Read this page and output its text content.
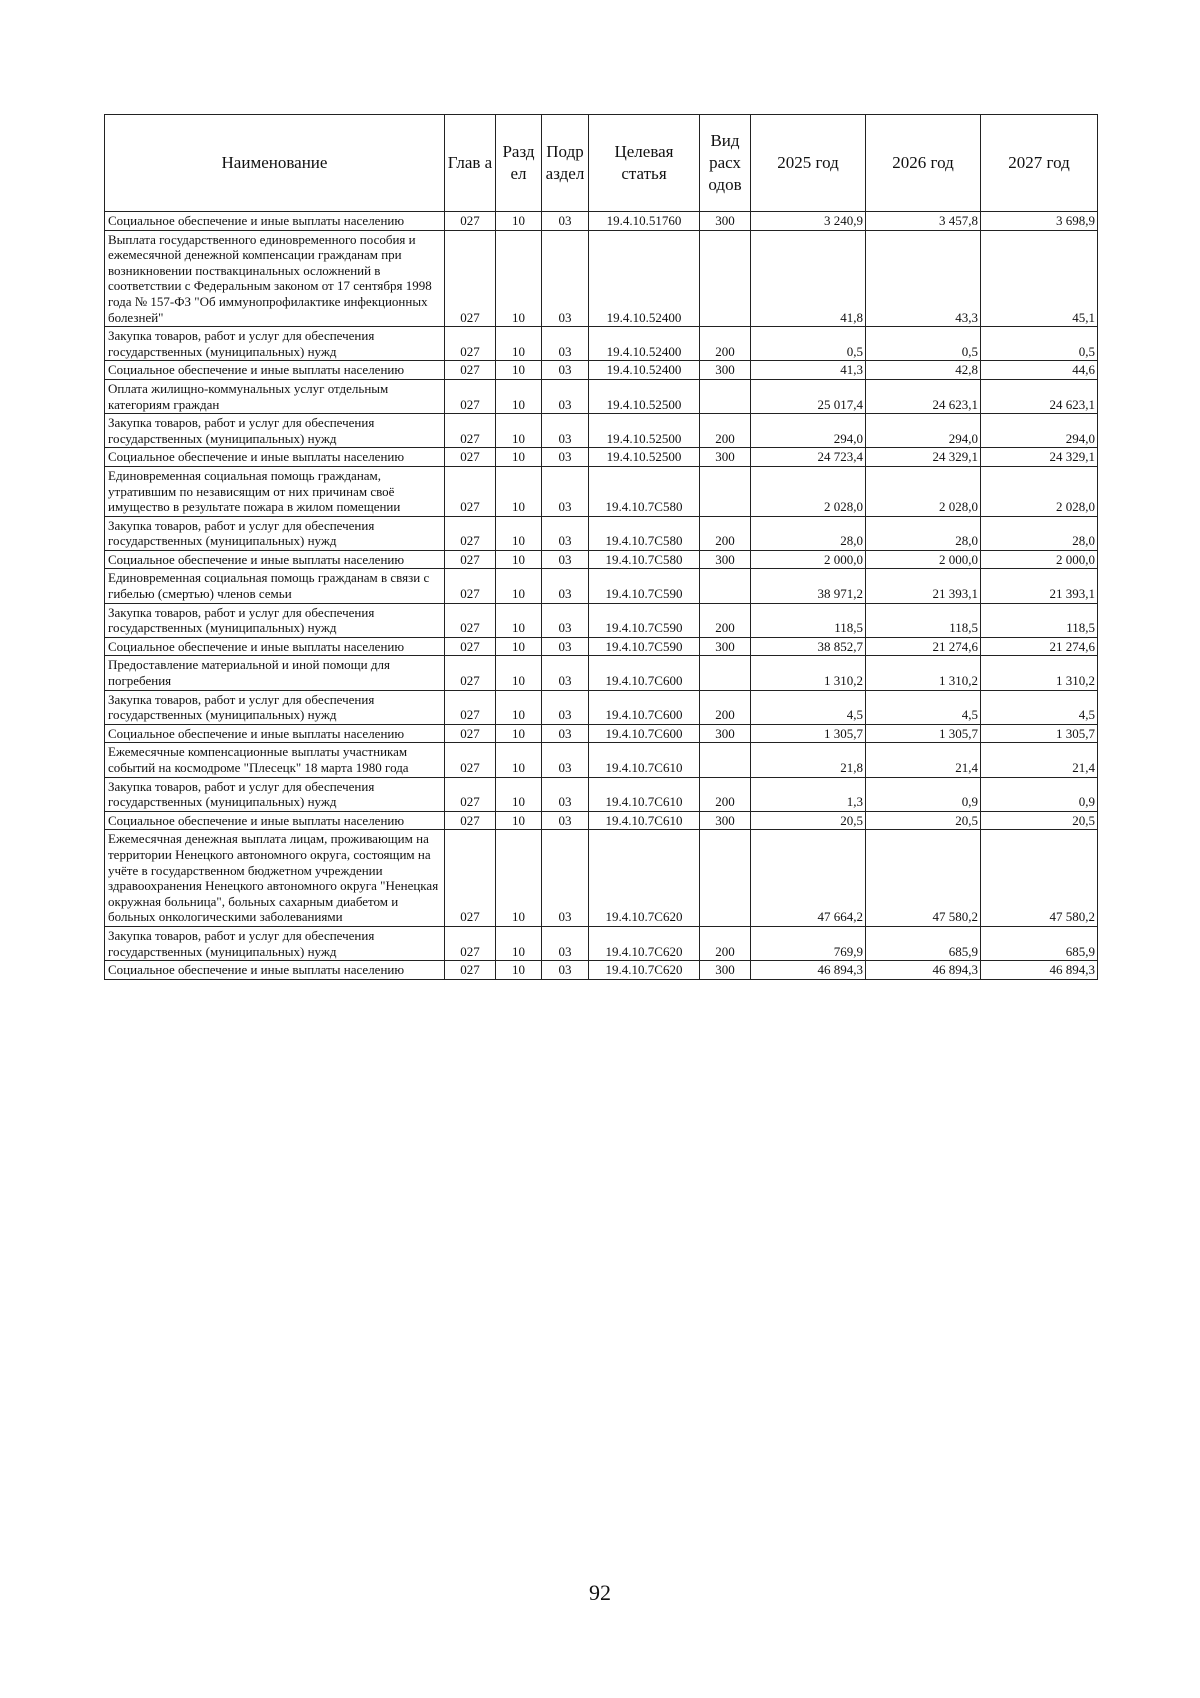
Наименование	Глав а	Разд ел	Подр аздел	Целевая статья	Вид расх одов	2025 год	2026 год	2027 год
Социальное обеспечение и иные выплаты населению	027	10	03	19.4.10.51760	300	3 240,9	3 457,8	3 698,9
Выплата государственного единовременного пособия и ежемесячной денежной компенсации гражданам при возникновении поствакцинальных осложнений в соответствии с Федеральным законом от 17 сентября 1998 года № 157-ФЗ "Об иммунопрофилактике инфекционных болезней"	027	10	03	19.4.10.52400		41,8	43,3	45,1
Закупка товаров, работ и услуг для обеспечения государственных (муниципальных) нужд	027	10	03	19.4.10.52400	200	0,5	0,5	0,5
Социальное обеспечение и иные выплаты населению	027	10	03	19.4.10.52400	300	41,3	42,8	44,6
Оплата жилищно-коммунальных услуг отдельным категориям граждан	027	10	03	19.4.10.52500		25 017,4	24 623,1	24 623,1
Закупка товаров, работ и услуг для обеспечения государственных (муниципальных) нужд	027	10	03	19.4.10.52500	200	294,0	294,0	294,0
Социальное обеспечение и иные выплаты населению	027	10	03	19.4.10.52500	300	24 723,4	24 329,1	24 329,1
Единовременная социальная помощь гражданам, утратившим по независящим от них причинам своё имущество в результате пожара в жилом помещении	027	10	03	19.4.10.7С580		2 028,0	2 028,0	2 028,0
Закупка товаров, работ и услуг для обеспечения государственных (муниципальных) нужд	027	10	03	19.4.10.7С580	200	28,0	28,0	28,0
Социальное обеспечение и иные выплаты населению	027	10	03	19.4.10.7С580	300	2 000,0	2 000,0	2 000,0
Единовременная социальная помощь гражданам в связи с гибелью (смертью) членов семьи	027	10	03	19.4.10.7С590		38 971,2	21 393,1	21 393,1
Закупка товаров, работ и услуг для обеспечения государственных (муниципальных) нужд	027	10	03	19.4.10.7С590	200	118,5	118,5	118,5
Социальное обеспечение и иные выплаты населению	027	10	03	19.4.10.7С590	300	38 852,7	21 274,6	21 274,6
Предоставление материальной и иной помощи для погребения	027	10	03	19.4.10.7С600		1 310,2	1 310,2	1 310,2
Закупка товаров, работ и услуг для обеспечения государственных (муниципальных) нужд	027	10	03	19.4.10.7С600	200	4,5	4,5	4,5
Социальное обеспечение и иные выплаты населению	027	10	03	19.4.10.7С600	300	1 305,7	1 305,7	1 305,7
Ежемесячные компенсационные выплаты участникам событий на космодроме "Плесецк" 18 марта 1980 года	027	10	03	19.4.10.7С610		21,8	21,4	21,4
Закупка товаров, работ и услуг для обеспечения государственных (муниципальных) нужд	027	10	03	19.4.10.7С610	200	1,3	0,9	0,9
Социальное обеспечение и иные выплаты населению	027	10	03	19.4.10.7С610	300	20,5	20,5	20,5
Ежемесячная денежная выплата лицам, проживающим на территории Ненецкого автономного округа, состоящим на учёте в государственном бюджетном учреждении здравоохранения Ненецкого автономного округа "Ненецкая окружная больница", больных сахарным диабетом и больных онкологическими заболеваниями	027	10	03	19.4.10.7С620		47 664,2	47 580,2	47 580,2
Закупка товаров, работ и услуг для обеспечения государственных (муниципальных) нужд	027	10	03	19.4.10.7С620	200	769,9	685,9	685,9
Социальное обеспечение и иные выплаты населению	027	10	03	19.4.10.7С620	300	46 894,3	46 894,3	46 894,3
92
